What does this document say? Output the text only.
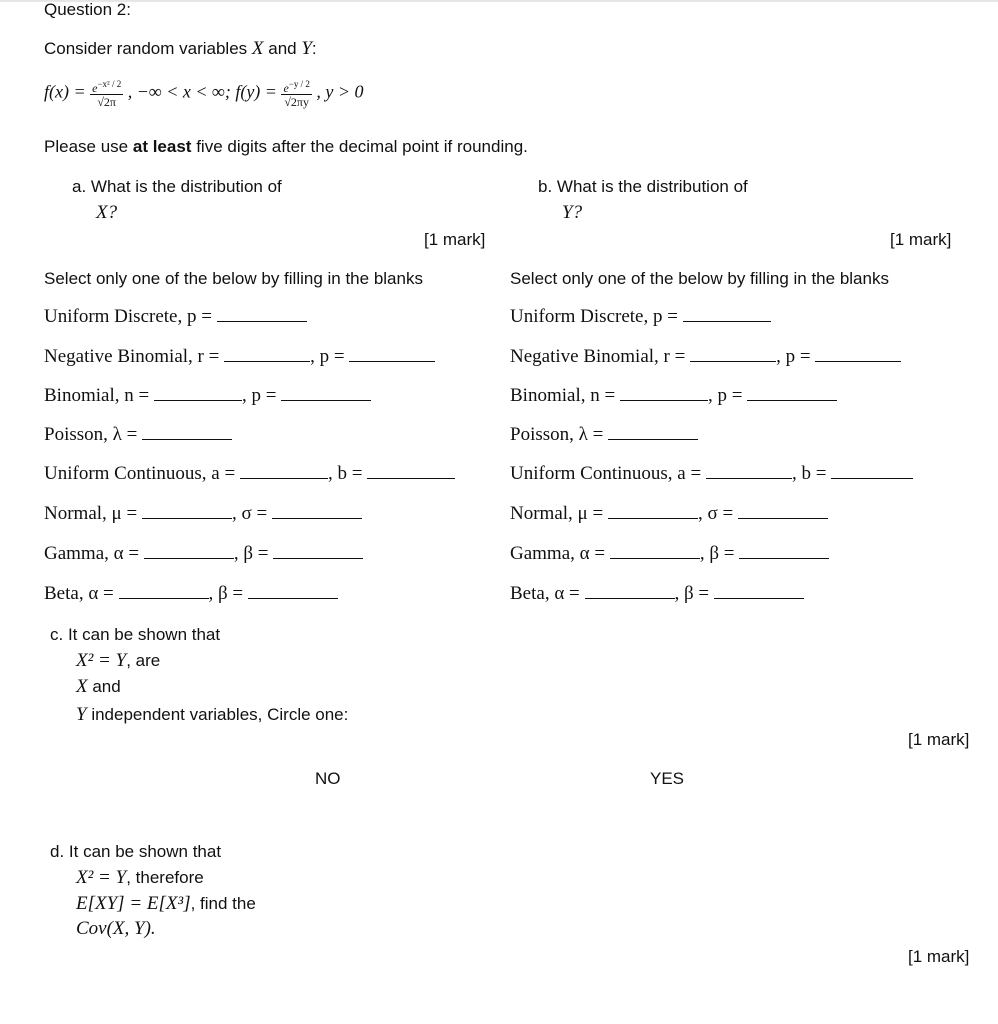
Question 2:
Consider random variables X and Y:
$f(x) = \frac{e^{-x^2 / 2}}{√2\pi}$ , −∞ < x < ∞; $f(y) = \frac{e^{-y / 2}}{√2\pi y}$ , y > 0
Please use at least five digits after the decimal point if rounding.
a. What is the distribution of
X?
[1 mark]
Select only one of the below by filling in the blanks
Uniform Discrete, p =
Negative Binomial, r =	, p =
Binomial, n =	, p =
Poisson, λ =
Uniform Continuous, a =	, b =
Normal, μ =	, σ =
Gamma, α =	, β =
Beta, α =	, β =
b. What is the distribution of
Y?
[1 mark]
Select only one of the below by filling in the blanks
Uniform Discrete, p =
Negative Binomial, r =	, p =
Binomial, n =	, p =
Poisson, λ =
Uniform Continuous, a =	, b =
Normal, μ =	, σ =
Gamma, α =	, β =
Beta, α =	, β =
c. It can be shown that
X² = Y, are
X and
Y independent variables, Circle one:
[1 mark]
NO	YES
d. It can be shown that
X² = Y, therefore
E[XY] = E[X³], find the
Cov(X, Y).
[1 mark]
